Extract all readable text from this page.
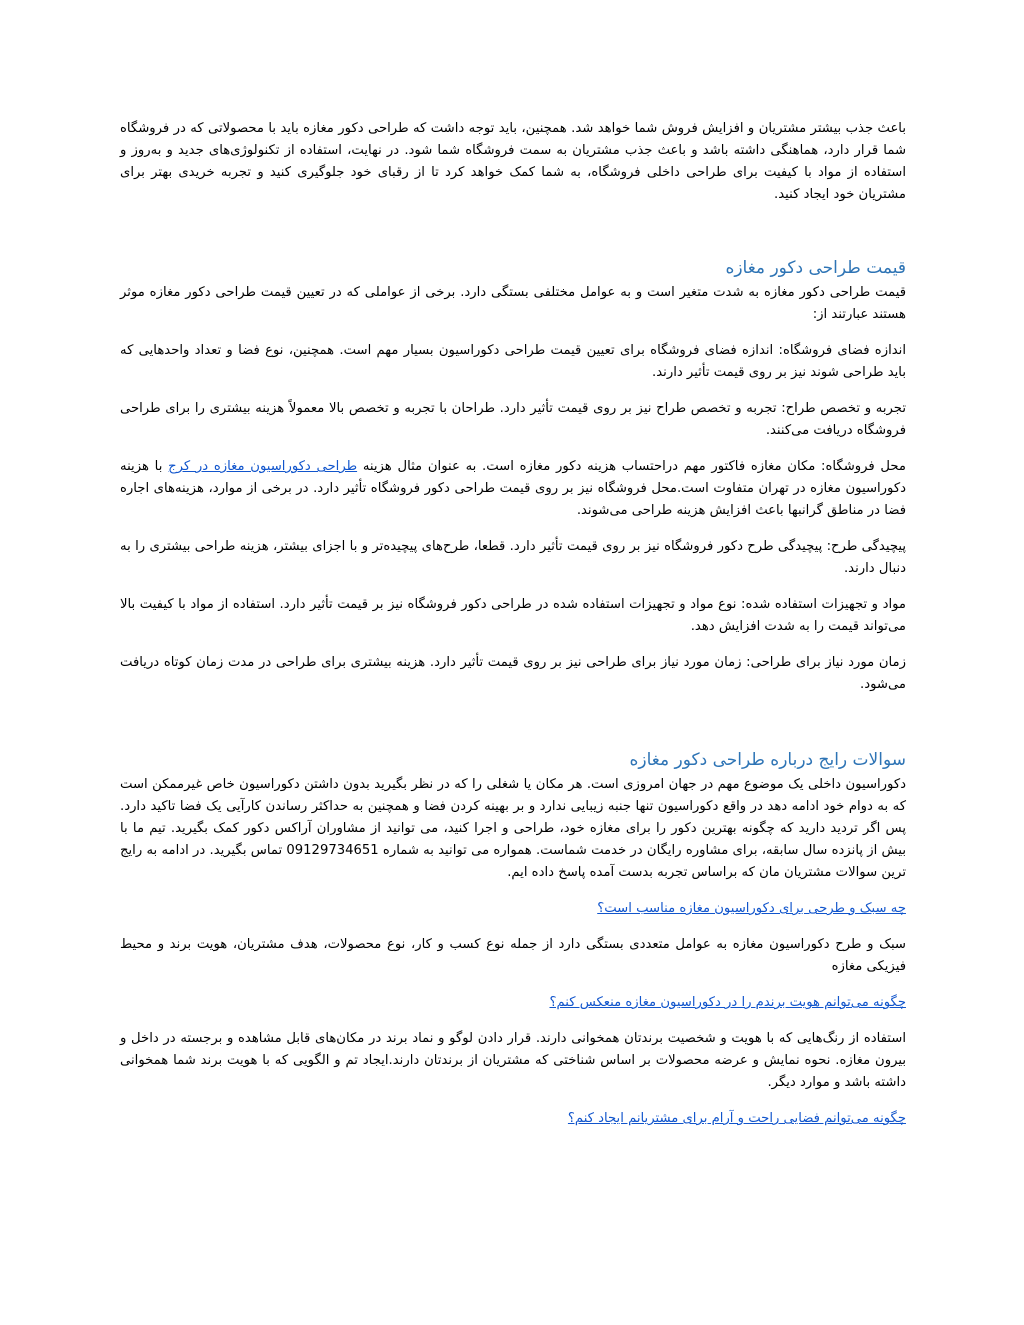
باعث جذب بیشتر مشتریان و افزایش فروش شما خواهد شد. همچنین، باید توجه داشت که طراحی دکور مغازه باید با محصولاتی که در فروشگاه شما قرار دارد، هماهنگی داشته باشد و باعث جذب مشتریان به سمت فروشگاه شما شود. در نهایت، استفاده از تکنولوژی‌های جدید و به‌روز و استفاده از مواد با کیفیت برای طراحی داخلی فروشگاه، به شما کمک خواهد کرد تا از رقبای خود جلوگیری کنید و تجربه خریدی بهتر برای مشتریان خود ایجاد کنید.

قیمت طراحی دکور مغازه

قیمت طراحی دکور مغازه به شدت متغیر است و به عوامل مختلفی بستگی دارد. برخی از عواملی که در تعیین قیمت طراحی دکور مغازه موثر هستند عبارتند از:

اندازه فضای فروشگاه: اندازه فضای فروشگاه برای تعیین قیمت طراحی دکوراسیون بسیار مهم است. همچنین، نوع فضا و تعداد واحدهایی که باید طراحی شوند نیز بر روی قیمت تأثیر دارند.

تجربه و تخصص طراح: تجربه و تخصص طراح نیز بر روی قیمت تأثیر دارد. طراحان با تجربه و تخصص بالا معمولاً هزینه بیشتری را برای طراحی فروشگاه دریافت می‌کنند.

محل فروشگاه: مکان مغازه فاکتور مهم دراحتساب هزینه دکور مغازه است. به عنوان مثال هزینه طراحی دکوراسیون مغازه در کرج با هزینه دکوراسیون مغازه در تهران متفاوت است.محل فروشگاه نیز بر روی قیمت طراحی دکور فروشگاه تأثیر دارد. در برخی از موارد، هزینه‌های اجاره فضا در مناطق گرانبها باعث افزایش هزینه طراحی می‌شوند.

پیچیدگی طرح: پیچیدگی طرح دکور فروشگاه نیز بر روی قیمت تأثیر دارد. قطعا، طرح‌های پیچیده‌تر و با اجزای بیشتر، هزینه طراحی بیشتری را به دنبال دارند.

مواد و تجهیزات استفاده شده: نوع مواد و تجهیزات استفاده شده در طراحی دکور فروشگاه نیز بر قیمت تأثیر دارد. استفاده از مواد با کیفیت بالا می‌تواند قیمت را به شدت افزایش دهد.

زمان مورد نیاز برای طراحی: زمان مورد نیاز برای طراحی نیز بر روی قیمت تأثیر دارد. هزینه بیشتری برای طراحی در مدت زمان کوتاه دریافت می‌شود.

سوالات رایج درباره طراحی دکور مغازه

دکوراسیون داخلی یک موضوع مهم در جهان امروزی است. هر مکان یا شغلی را که در نظر بگیرید بدون داشتن دکوراسیون خاص غیرممکن است که به دوام خود ادامه دهد در واقع دکوراسیون تنها جنبه زیبایی ندارد و بر بهینه کردن فضا و همچنین به حداکثر رساندن کارآیی یک فضا تاکید دارد. پس اگر تردید دارید که چگونه بهترین دکور را برای مغازه خود، طراحی و اجرا کنید، می توانید از مشاوران آراکس دکور کمک بگیرید. تیم ما با بیش از پانزده سال سابقه، برای مشاوره رایگان در خدمت شماست. همواره می توانید به شماره 09129734651 تماس بگیرید. در ادامه به رایج ترین سوالات مشتریان مان که براساس تجربه بدست آمده پاسخ داده ایم.

چه سبک و طرحی برای دکوراسیون مغازه مناسب است؟

سبک و طرح دکوراسیون مغازه به عوامل متعددی بستگی دارد از جمله نوع کسب و کار، نوع محصولات، هدف مشتریان، هویت برند و محیط فیزیکی مغازه

چگونه می‌توانم هویت برندم را در دکوراسیون مغازه منعکس کنم؟

استفاده از رنگ‌هایی که با هویت و شخصیت برندتان همخوانی دارند. قرار دادن لوگو و نماد برند در مکان‌های قابل مشاهده و برجسته در داخل و بیرون مغازه. نحوه نمایش و عرضه محصولات بر اساس شناختی که مشتریان از برندتان دارند.ایجاد تم و الگویی که با هویت برند شما همخوانی داشته باشد و موارد دیگر.

چگونه می‌توانم فضایی راحت و آرام برای مشتریانم ایجاد کنم؟
